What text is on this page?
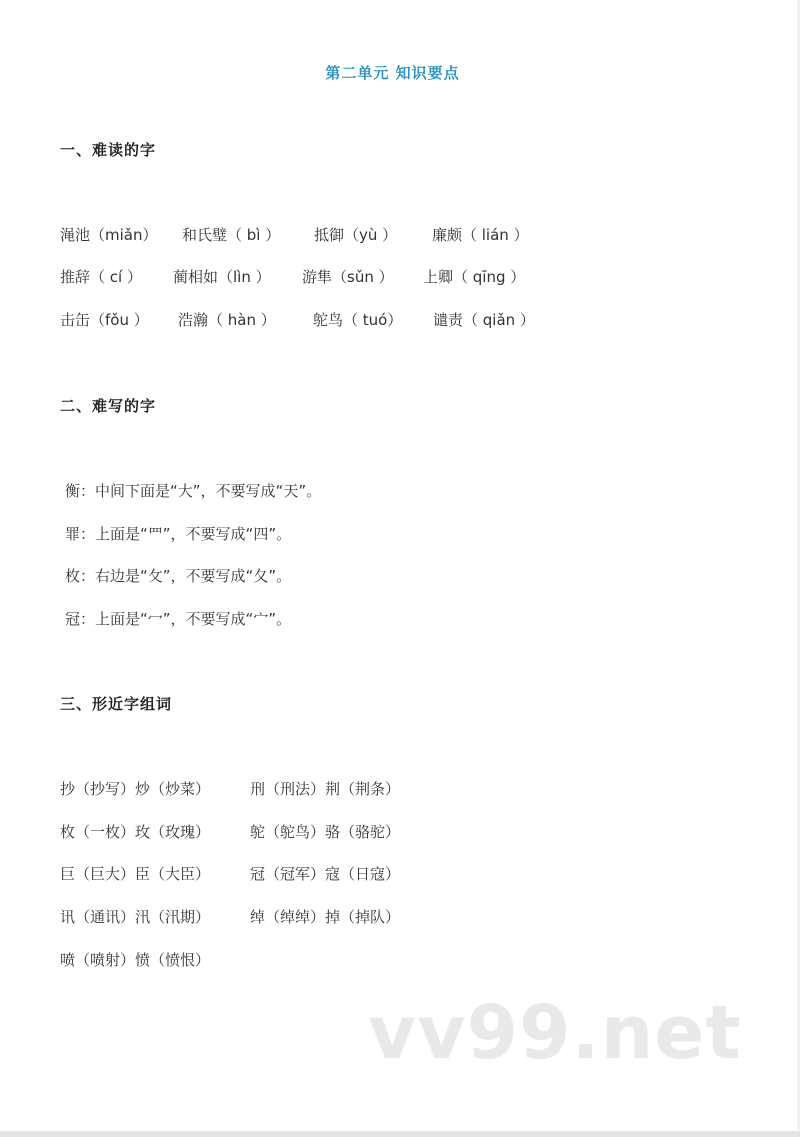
第二单元 知识要点
一、难读的字
渑池（miǎn） 和氏璧（ bì ） 抵御（yù ） 廉颇（ lián ）
推辞（ cí ） 蔺相如（lìn ） 游隼（sǔn ） 上卿（ qīng ）
击缶（fǒu ） 浩瀚（ hàn ） 鸵鸟（ tuó） 谴责（ qiǎn ）
二、难写的字
衡：中间下面是“大”，不要写成“天”。
罪：上面是“罒”，不要写成“四”。
枚：右边是“攵”，不要写成“夂”。
冠：上面是“冖”，不要写成“宀”。
三、形近字组词
抄（抄写）炒（炒菜）	刑（刑法）荆（荆条）
枚（一枚）玫（玫瑰）	鸵（鸵鸟）骆（骆驼）
巨（巨大）臣（大臣）	冠（冠军）寇（日寇）
讯（通讯）汛（汛期）	绰（绰绰）掉（掉队）
喷（喷射）愤（愤恨）
vv99.net
